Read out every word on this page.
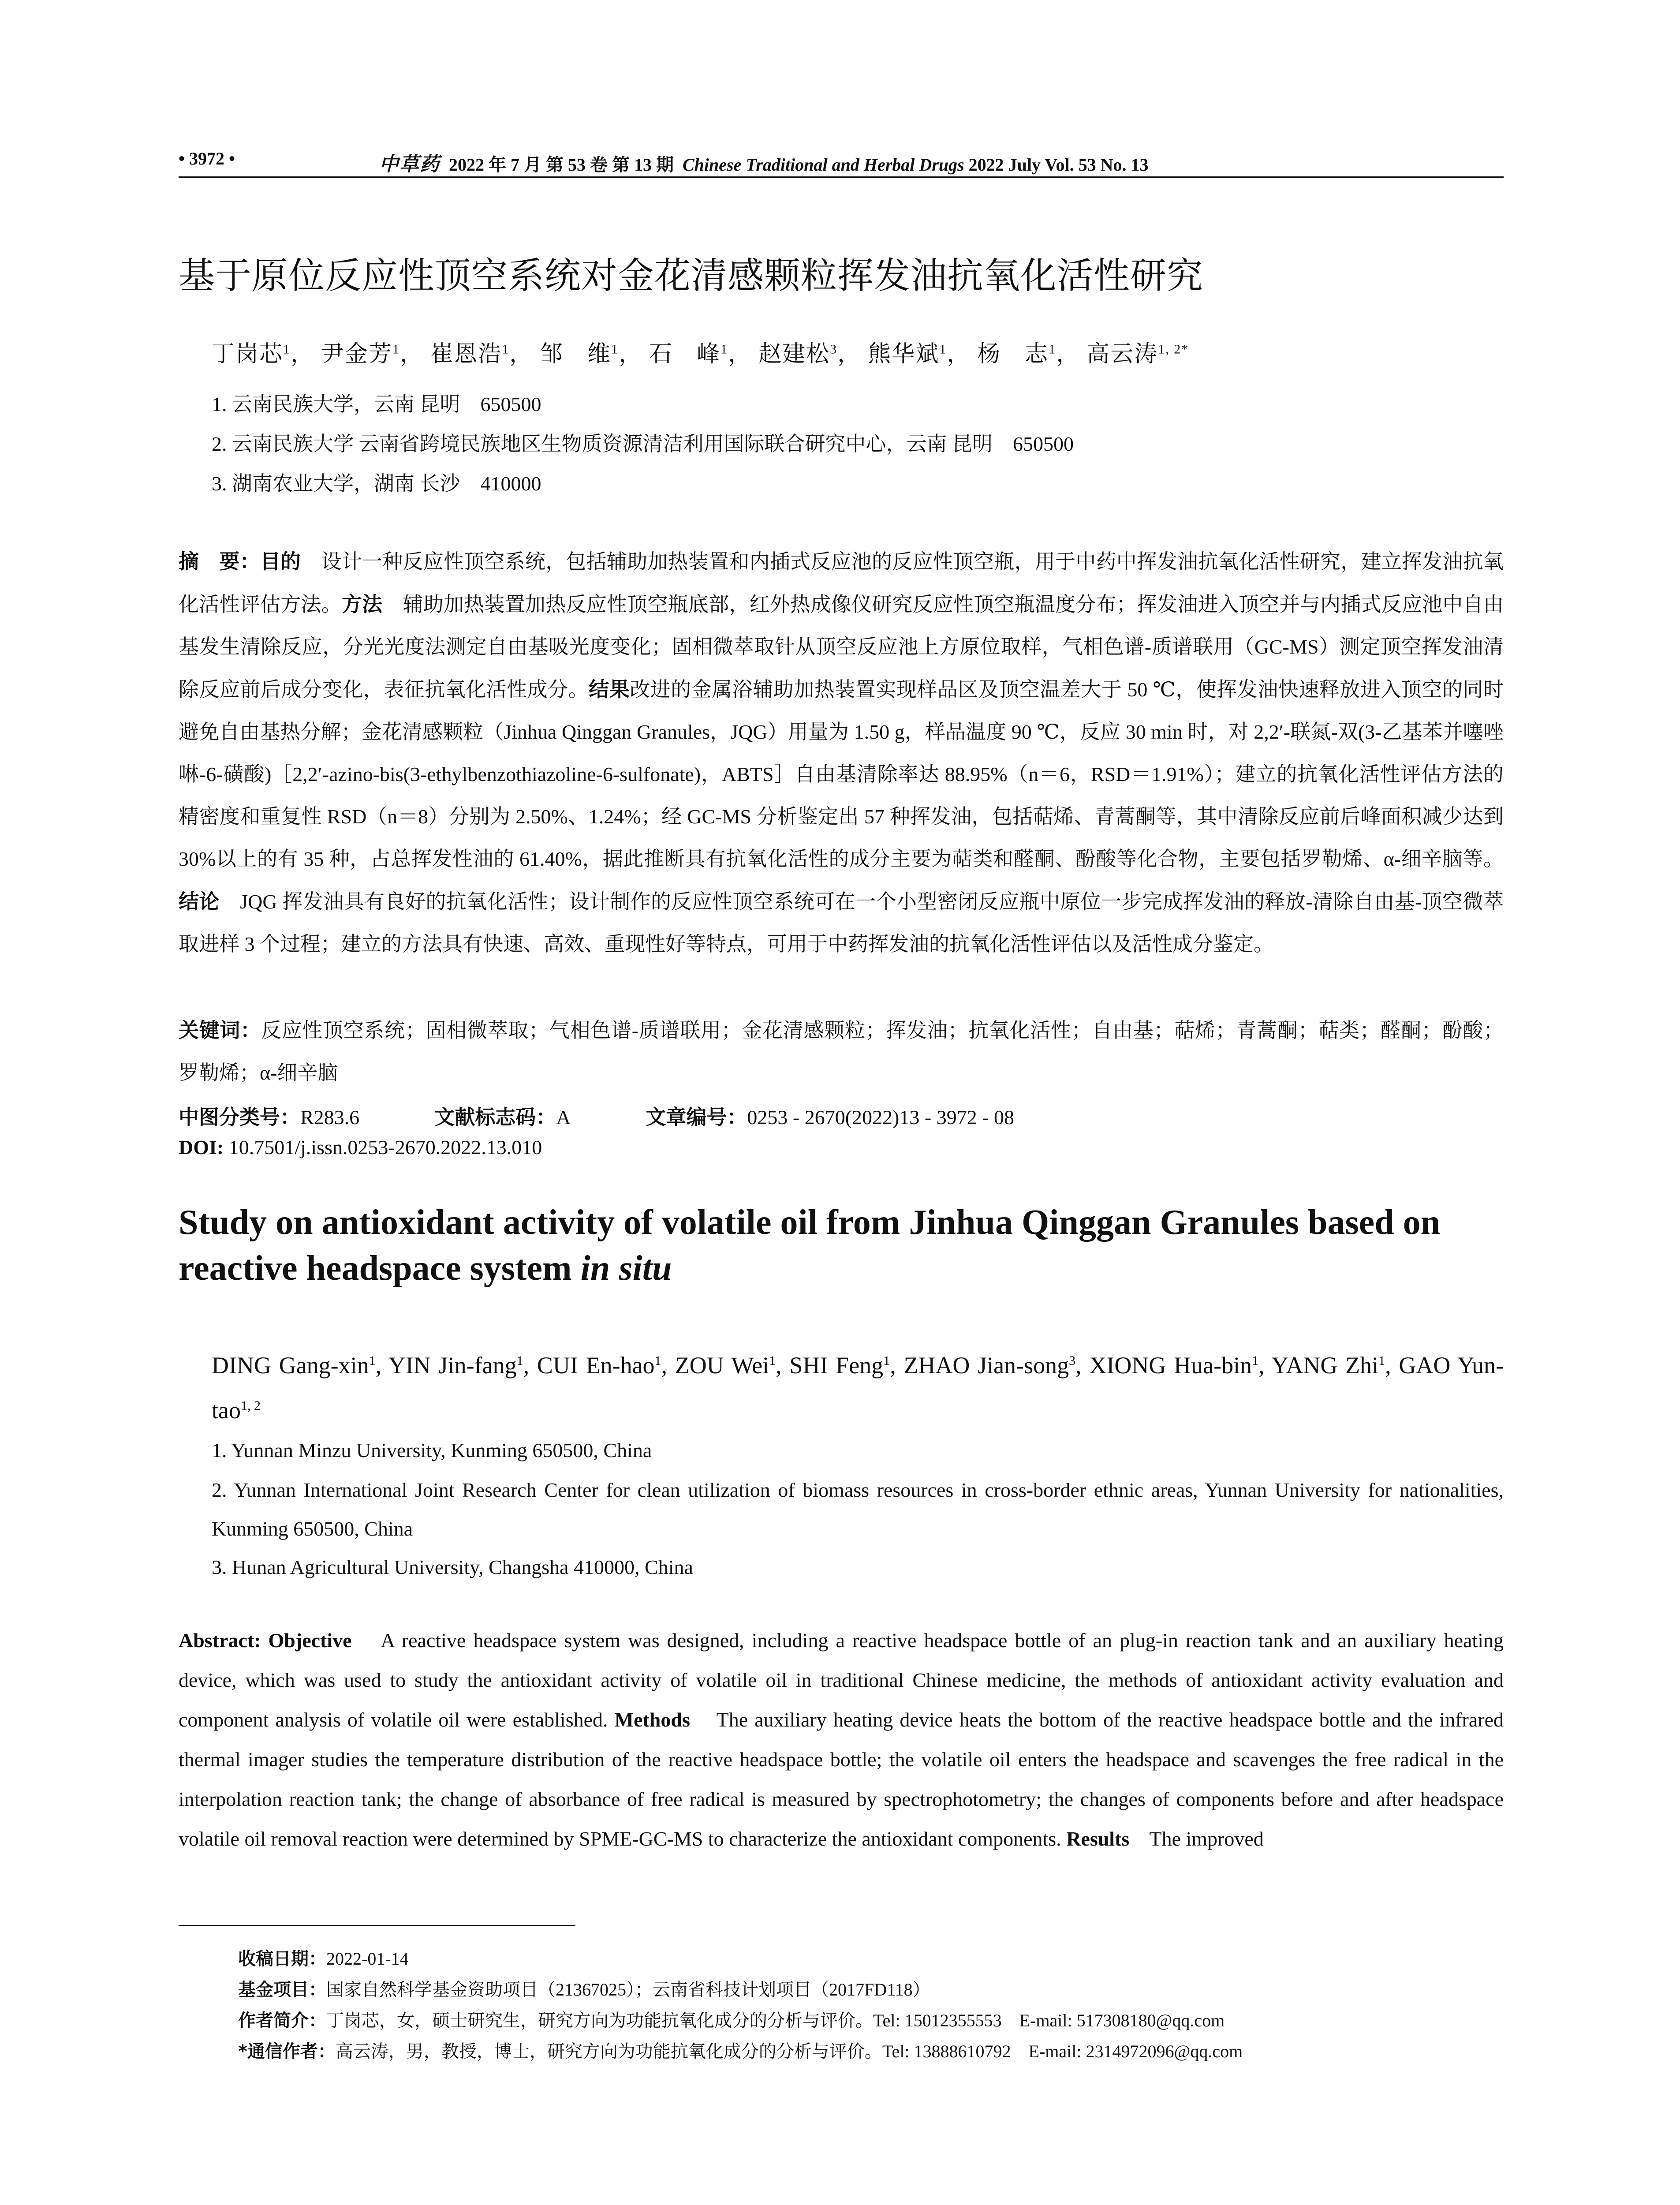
• 3972 •	中草药 2022 年 7 月 第 53 卷 第 13 期 Chinese Traditional and Herbal Drugs 2022 July Vol. 53 No. 13
基于原位反应性顶空系统对金花清感颗粒挥发油抗氧化活性研究
丁岗芯$^1$， 尹金芳$^1$， 崔恩浩$^1$， 邹　维$^1$， 石　峰$^1$， 赵建松$^3$， 熊华斌$^1$， 杨　志$^1$， 高云涛$^{1, 2*}$
1. 云南民族大学，云南 昆明　650500
2. 云南民族大学 云南省跨境民族地区生物质资源清洁利用国际联合研究中心，云南 昆明　650500
3. 湖南农业大学，湖南 长沙　410000
摘　要：目的　 设计一种反应性顶空系统，包括辅助加热装置和内插式反应池的反应性顶空瓶，用于中药中挥发油抗氧化活性研究，建立挥发油抗氧化活性评估方法。方法　 辅助加热装置加热反应性顶空瓶底部，红外热成像仪研究反应性顶空瓶温度分布；挥发油进入顶空并与内插式反应池中自由基发生清除反应，分光光度法测定自由基吸光度变化；固相微萃取针从顶空反应池上方原位取样，气相色谱-质谱联用（GC-MS）测定顶空挥发油清除反应前后成分变化，表征抗氧化活性成分。结果改进的金属浴辅助加热装置实现样品区及顶空温差大于 50 ℃，使挥发油快速释放进入顶空的同时避免自由基热分解；金花清感颗粒（Jinhua Qinggan Granules，JQG）用量为 1.50 g，样品温度 90 ℃，反应 30 min 时，对 2,2′-联氮-双(3-乙基苯并噻唑啉-6-磺酸)［2,2′-azino-bis(3-ethylbenzothiazoline-6-sulfonate)，ABTS］自由基清除率达 88.95%（n＝6，RSD＝1.91%）；建立的抗氧化活性评估方法的精密度和重复性 RSD（n＝8）分别为 2.50%、1.24%；经 GC-MS 分析鉴定出 57 种挥发油，包括萜烯、青蒿酮等，其中清除反应前后峰面积减少达到 30%以上的有 35 种，占总挥发性油的 61.40%，据此推断具有抗氧化活性的成分主要为萜类和醛酮、酚酸等化合物，主要包括罗勒烯、α-细辛脑等。结论　 JQG 挥发油具有良好的抗氧化活性；设计制作的反应性顶空系统可在一个小型密闭反应瓶中原位一步完成挥发油的释放-清除自由基-顶空微萃取进样 3 个过程；建立的方法具有快速、高效、重现性好等特点，可用于中药挥发油的抗氧化活性评估以及活性成分鉴定。
关键词：反应性顶空系统；固相微萃取；气相色谱-质谱联用；金花清感颗粒；挥发油；抗氧化活性；自由基；萜烯；青蒿酮；萜类；醛酮；酚酸；罗勒烯；α-细辛脑
中图分类号：R283.6	文献标志码：A	文章编号：0253 - 2670(2022)13 - 3972 - 08
DOI: 10.7501/j.issn.0253-2670.2022.13.010
Study on antioxidant activity of volatile oil from Jinhua Qinggan Granules based on reactive headspace system in situ
DING Gang-xin$^1$, YIN Jin-fang$^1$, CUI En-hao$^1$, ZOU Wei$^1$, SHI Feng$^1$, ZHAO Jian-song$^3$, XIONG Hua-bin$^1$, YANG Zhi$^1$, GAO Yun-tao$^{1, 2}$
1. Yunnan Minzu University, Kunming 650500, China
2. Yunnan International Joint Research Center for clean utilization of biomass resources in cross-border ethnic areas, Yunnan University for nationalities, Kunming 650500, China
3. Hunan Agricultural University, Changsha 410000, China
Abstract: Objective A reactive headspace system was designed, including a reactive headspace bottle of an plug-in reaction tank and an auxiliary heating device, which was used to study the antioxidant activity of volatile oil in traditional Chinese medicine, the methods of antioxidant activity evaluation and component analysis of volatile oil were established. Methods The auxiliary heating device heats the bottom of the reactive headspace bottle and the infrared thermal imager studies the temperature distribution of the reactive headspace bottle; the volatile oil enters the headspace and scavenges the free radical in the interpolation reaction tank; the change of absorbance of free radical is measured by spectrophotometry; the changes of components before and after headspace volatile oil removal reaction were determined by SPME-GC-MS to characterize the antioxidant components. Results The improved
收稿日期：2022-01-14
基金项目：国家自然科学基金资助项目（21367025）；云南省科技计划项目（2017FD118）
作者简介：丁岗芯，女，硕士研究生，研究方向为功能抗氧化成分的分析与评价。Tel: 15012355553　E-mail: 517308180@qq.com
*通信作者：高云涛，男，教授，博士，研究方向为功能抗氧化成分的分析与评价。Tel: 13888610792　E-mail: 2314972096@qq.com
